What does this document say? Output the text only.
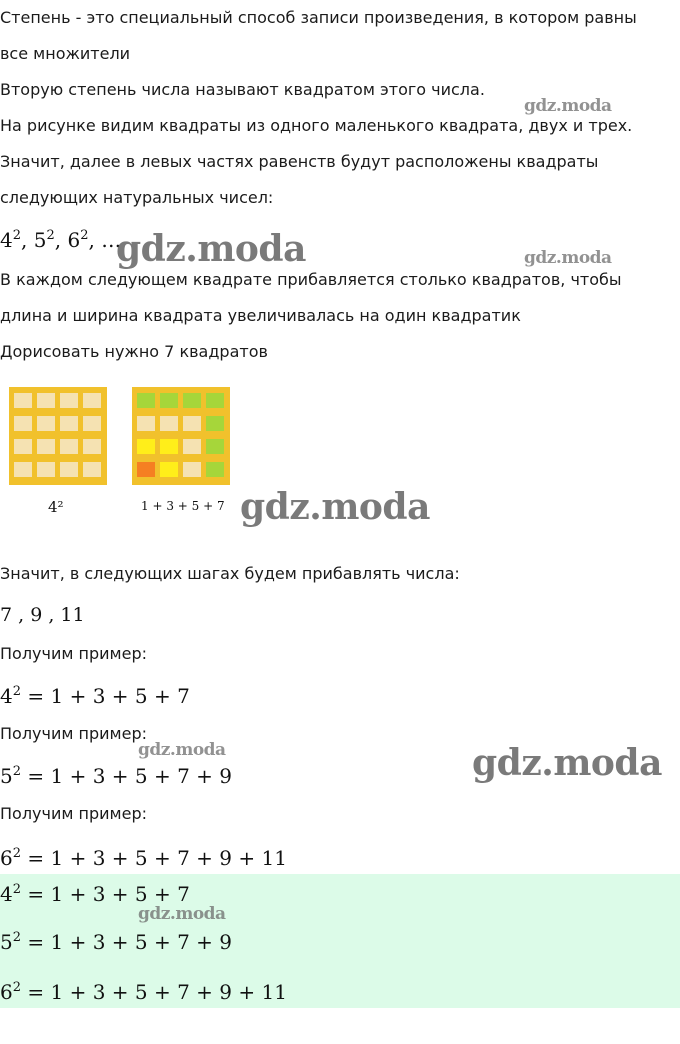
Степень - это специальный способ записи произведения, в котором равны

все множители

Вторую степень числа называют квадратом этого числа.

На рисунке видим квадраты из одного маленького квадрата, двух и трех.

Значит, далее в левых частях равенств будут расположены квадраты

следующих натуральных чисел:

$4^2$, $5^2$, $6^2$, …

В каждом следующем квадрате прибавляется столько квадратов, чтобы

длина и ширина квадрата увеличивалась на один квадратик

Дорисовать нужно 7 квадратов

4²	1 + 3 + 5 + 7

Значит, в следующих шагах будем прибавлять числа:

7 , 9 , 11

Получим пример:

$4^2 = 1 + 3 + 5 + 7$

Получим пример:

$5^2 = 1 + 3 + 5 + 7 + 9$

Получим пример:

$6^2 = 1 + 3 + 5 + 7 + 9 + 11$
$4^2 = 1 + 3 + 5 + 7$
$5^2 = 1 + 3 + 5 + 7 + 9$
$6^2 = 1 + 3 + 5 + 7 + 9 + 11$
gdz.moda
gdz.moda	gdz.moda
gdz.moda
gdz.moda	gdz.moda
gdz.moda
